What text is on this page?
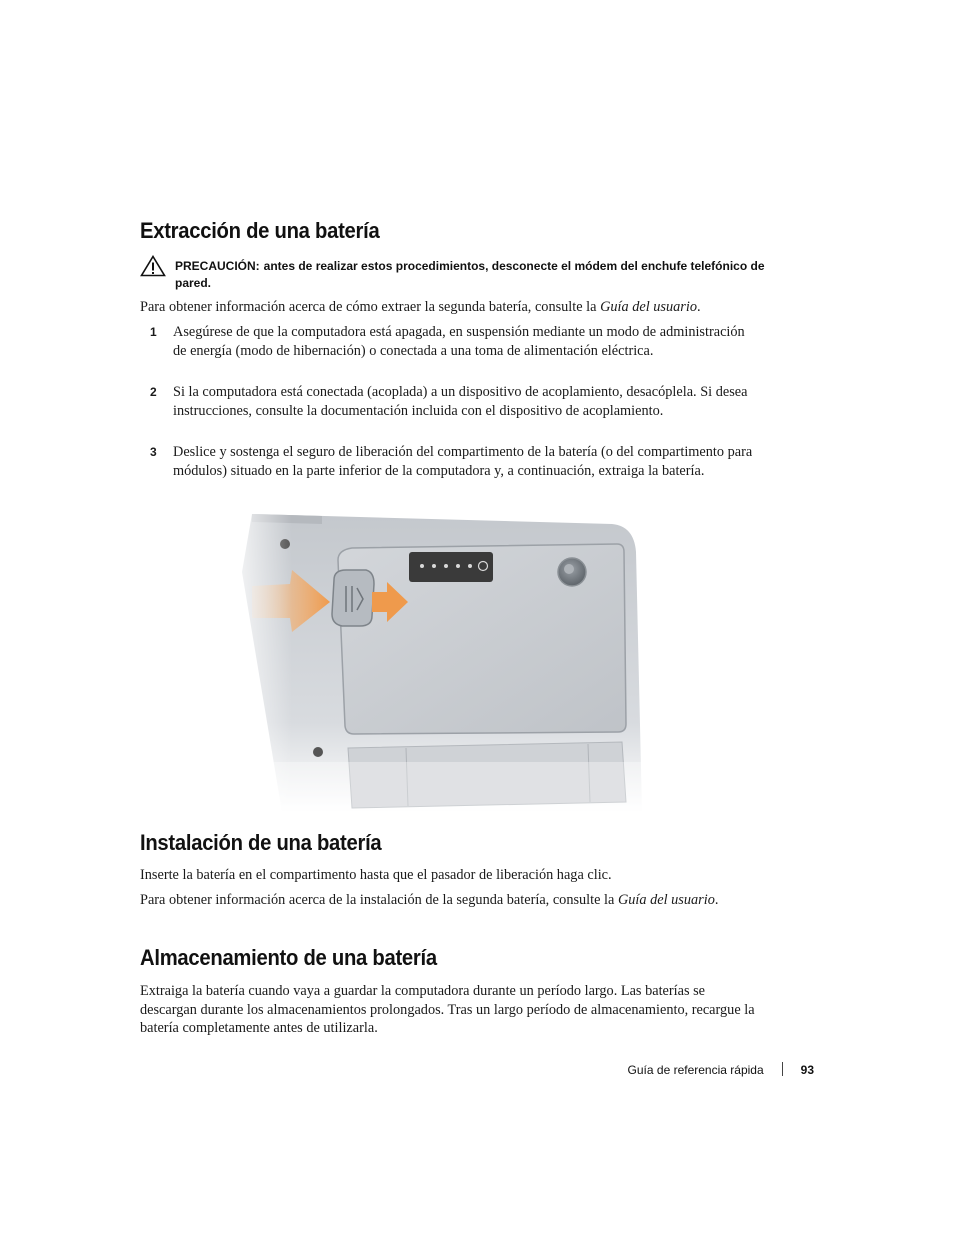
Extracción de una batería
PRECAUCIÓN: antes de realizar estos procedimientos, desconecte el módem del enchufe telefónico de pared.

Para obtener información acerca de cómo extraer la segunda batería, consulte la Guía del usuario.

1 Asegúrese de que la computadora está apagada, en suspensión mediante un modo de administración de energía (modo de hibernación) o conectada a una toma de alimentación eléctrica.
2 Si la computadora está conectada (acoplada) a un dispositivo de acoplamiento, desacóplela. Si desea instrucciones, consulte la documentación incluida con el dispositivo de acoplamiento.
3 Deslice y sostenga el seguro de liberación del compartimento de la batería (o del compartimento para módulos) situado en la parte inferior de la computadora y, a continuación, extraiga la batería.
Instalación de una batería

Inserte la batería en el compartimento hasta que el pasador de liberación haga clic.

Para obtener información acerca de la instalación de la segunda batería, consulte la Guía del usuario.

Almacenamiento de una batería

Extraiga la batería cuando vaya a guardar la computadora durante un período largo. Las baterías se descargan durante los almacenamientos prolongados. Tras un largo período de almacenamiento, recargue la batería completamente antes de utilizarla.

Guía de referencia rápida	93
